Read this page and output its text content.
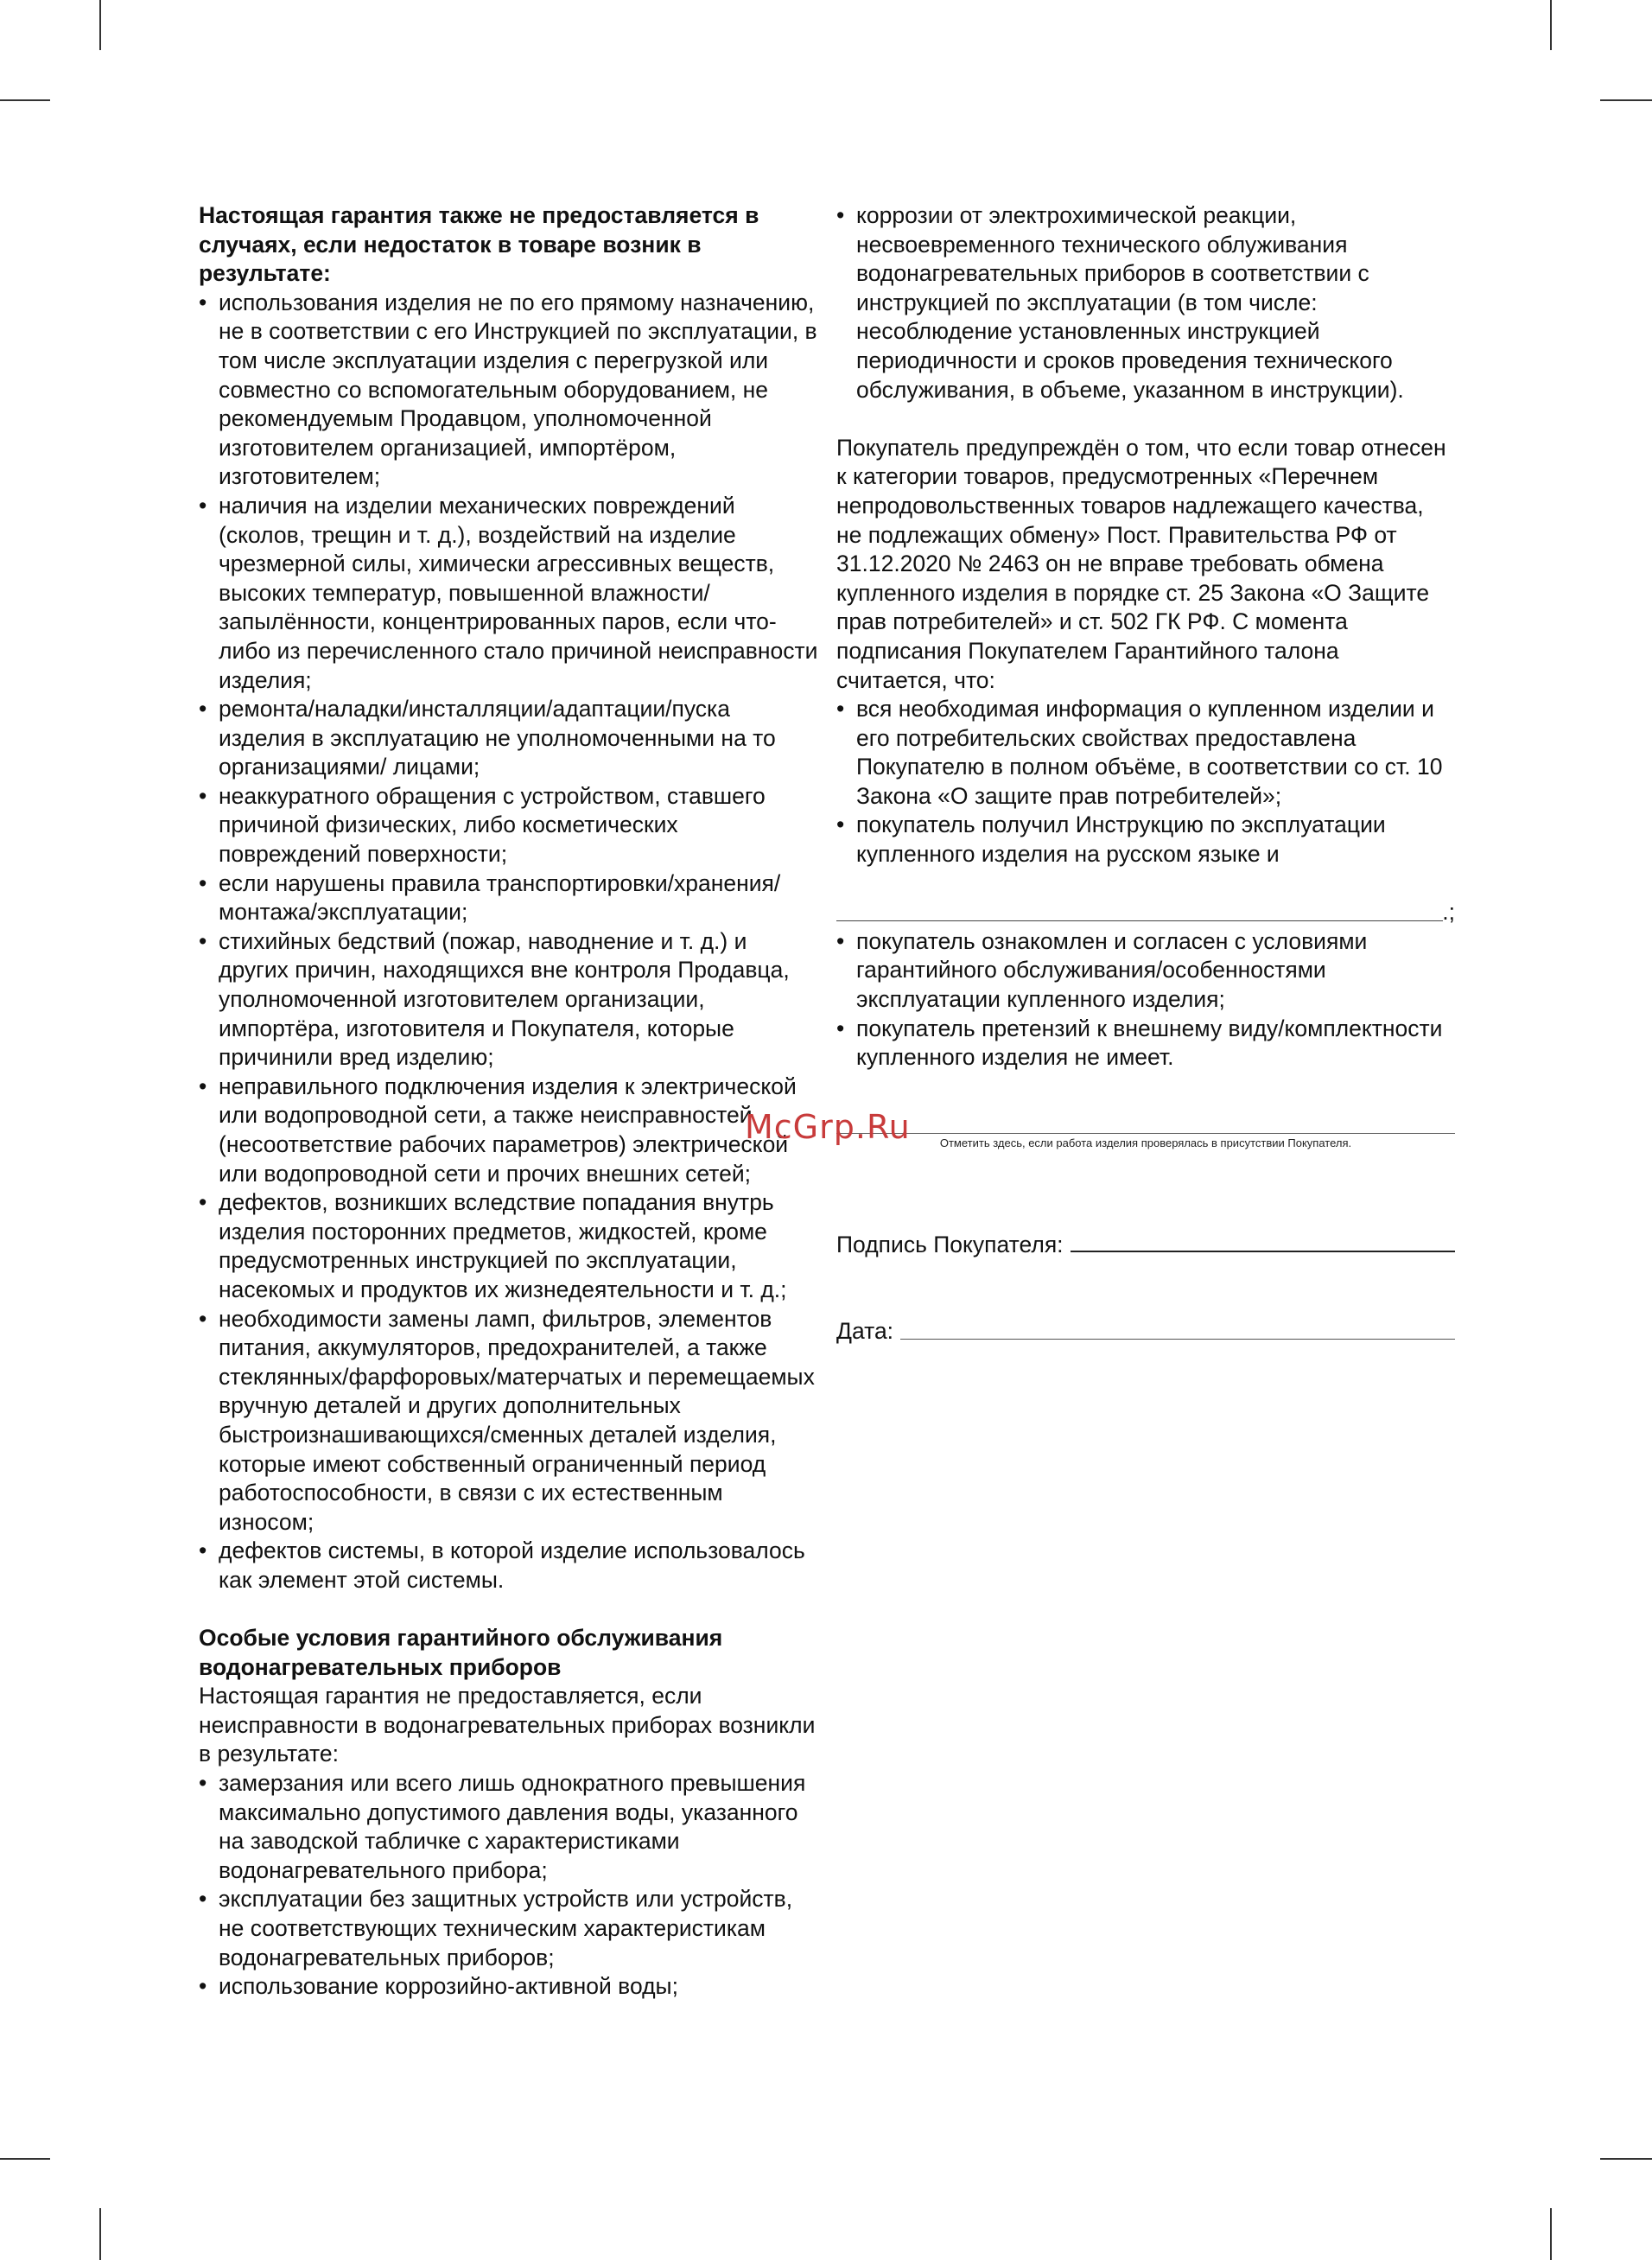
Настоящая гарантия также не предоставляется в случаях, если недостаток в товаре возник в результате:

• использования изделия не по его прямому назначению, не в соответствии с его Инструкцией по эксплуатации, в том числе эксплуатации изделия с перегрузкой или совместно со вспомогательным оборудованием, не рекомендуемым Продавцом, уполномоченной изготовителем организацией, импортёром, изготовителем;
• наличия на изделии механических повреждений (сколов, трещин и т. д.), воздействий на изделие чрезмерной силы, химически агрессивных веществ, высоких температур, повышенной влажности/запылённости, концентрированных паров, если что-либо из перечисленного стало причиной неисправности изделия;
• ремонта/наладки/инсталляции/адаптации/пуска изделия в эксплуатацию не уполномоченными на то организациями/ лицами;
• неаккуратного обращения с устройством, ставшего причиной физических, либо косметических повреждений поверхности;
• если нарушены правила транспортировки/хранения/монтажа/эксплуатации;
• стихийных бедствий (пожар, наводнение и т. д.) и других причин, находящихся вне контроля Продавца, уполномоченной изготовителем организации, импортёра, изготовителя и Покупателя, которые причинили вред изделию;
• неправильного подключения изделия к электрической или водопроводной сети, а также неисправностей (несоответствие рабочих параметров) электрической или водопроводной сети и прочих внешних сетей;
• дефектов, возникших вследствие попадания внутрь изделия посторонних предметов, жидкостей, кроме предусмотренных инструкцией по эксплуатации, насекомых и продуктов их жизнедеятельности и т. д.;
• необходимости замены ламп, фильтров, элементов питания, аккумуляторов, предохранителей, а также стеклянных/фарфоровых/матерчатых и перемещаемых вручную деталей и других дополнительных быстроизнашивающихся/сменных деталей изделия, которые имеют собственный ограниченный период работоспособности, в связи с их естественным износом;
• дефектов системы, в которой изделие использовалось как элемент этой системы.

Особые условия гарантийного обслуживания водонагревательных приборов

Настоящая гарантия не предоставляется, если неисправности в водонагревательных приборах возникли в результате:

• замерзания или всего лишь однократного превышения максимально допустимого давления воды, указанного на заводской табличке с характеристиками водонагревательного прибора;
• эксплуатации без защитных устройств или устройств, не соответствующих техническим характеристикам водонагревательных приборов;
• использование коррозийно-активной воды;
• коррозии от электрохимической реакции, несвоевременного технического облуживания водонагревательных приборов в соответствии с инструкцией по эксплуатации (в том числе: несоблюдение установленных инструкцией периодичности и сроков проведения технического обслуживания, в объеме, указанном в инструкции).

Покупатель предупреждён о том, что если товар отнесен к категории товаров, предусмотренных «Перечнем непродовольственных товаров надлежащего качества, не подлежащих обмену» Пост. Правительства РФ от 31.12.2020 № 2463 он не вправе требовать обмена купленного изделия в порядке ст. 25 Закона «О Защите прав потребителей» и ст. 502 ГК РФ. С момента подписания Покупателем Гарантийного талона считается, что:

• вся необходимая информация о купленном изделии и его потребительских свойствах предоставлена Покупателю в полном объёме, в соответствии со ст. 10 Закона «О защите прав потребителей»;
• покупатель получил Инструкцию по эксплуатации купленного изделия на русском языке и
.;
• покупатель ознакомлен и согласен с условиями гарантийного обслуживания/особенностями эксплуатации купленного изделия;
• покупатель претензий к внешнему виду/комплектности купленного изделия не имеет.

Отметить здесь, если работа изделия проверялась в присутствии Покупателя.

Подпись Покупателя:
Дата:
McGrp.Ru
